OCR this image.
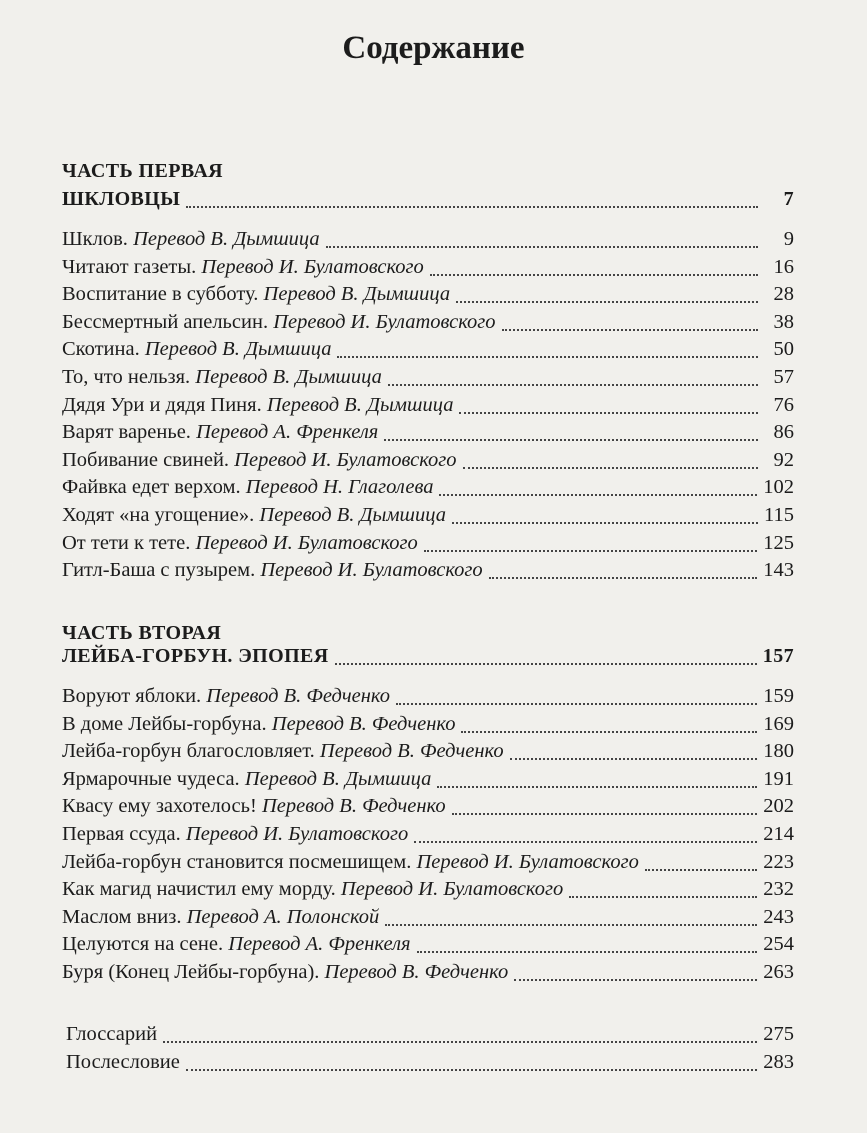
Содержание
ЧАСТЬ ПЕРВАЯ
ШКЛОВЦЫ	7
Шклов. Перевод В. Дымшица	9
Читают газеты. Перевод И. Булатовского	16
Воспитание в субботу. Перевод В. Дымшица	28
Бессмертный апельсин. Перевод И. Булатовского	38
Скотина. Перевод В. Дымшица	50
То, что нельзя. Перевод В. Дымшица	57
Дядя Ури и дядя Пиня. Перевод В. Дымшица	76
Варят варенье. Перевод А. Френкеля	86
Побивание свиней. Перевод И. Булатовского	92
Файвка едет верхом. Перевод Н. Глаголева	102
Ходят «на угощение». Перевод В. Дымшица	115
От тети к тете. Перевод И. Булатовского	125
Гитл-Баша с пузырем. Перевод И. Булатовского	143
ЧАСТЬ ВТОРАЯ
ЛЕЙБА-ГОРБУН. ЭПОПЕЯ	157
Воруют яблоки. Перевод В. Федченко	159
В доме Лейбы-горбуна. Перевод В. Федченко	169
Лейба-горбун благословляет. Перевод В. Федченко	180
Ярмарочные чудеса. Перевод В. Дымшица	191
Квасу ему захотелось! Перевод В. Федченко	202
Первая ссуда. Перевод И. Булатовского	214
Лейба-горбун становится посмешищем. Перевод И. Булатовского	223
Как магид начистил ему морду. Перевод И. Булатовского	232
Маслом вниз. Перевод А. Полонской	243
Целуются на сене. Перевод А. Френкеля	254
Буря (Конец Лейбы-горбуна). Перевод В. Федченко	263
Глоссарий	275
Послесловие	283
